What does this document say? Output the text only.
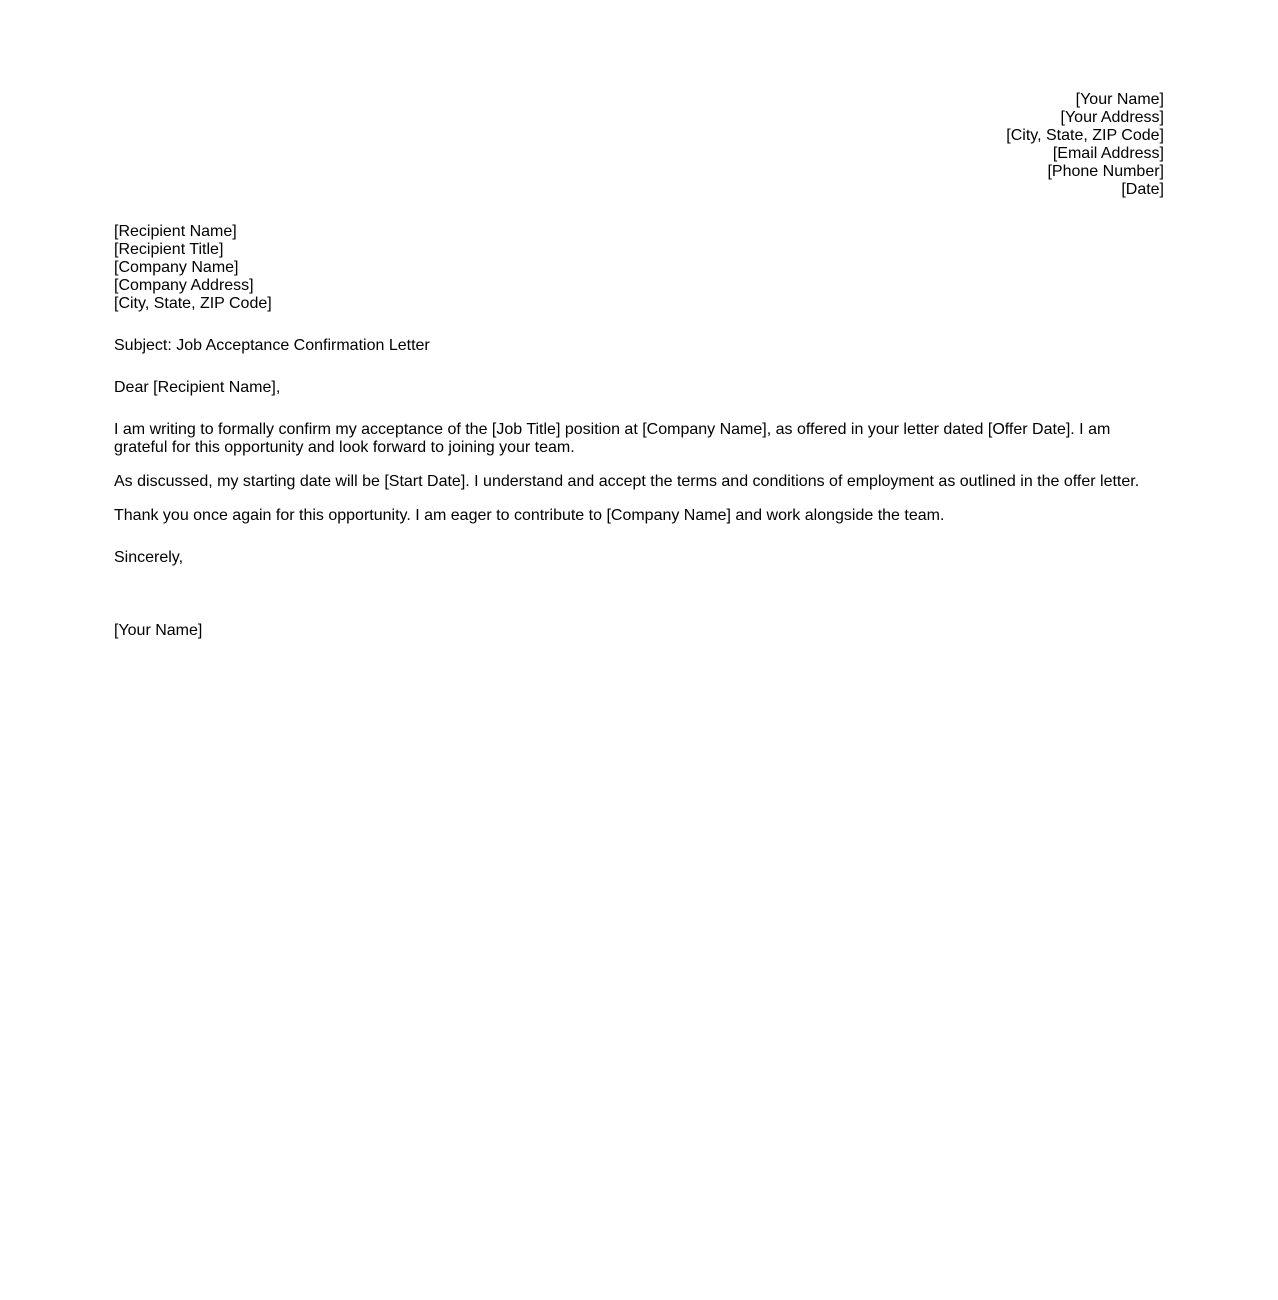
[Your Name]
[Your Address]
[City, State, ZIP Code]
[Email Address]
[Phone Number]
[Date]
[Recipient Name]
[Recipient Title]
[Company Name]
[Company Address]
[City, State, ZIP Code]
Subject: Job Acceptance Confirmation Letter
Dear [Recipient Name],
I am writing to formally confirm my acceptance of the [Job Title] position at [Company Name], as offered in your letter dated [Offer Date]. I am grateful for this opportunity and look forward to joining your team.
As discussed, my starting date will be [Start Date]. I understand and accept the terms and conditions of employment as outlined in the offer letter.
Thank you once again for this opportunity. I am eager to contribute to [Company Name] and work alongside the team.
Sincerely,
[Your Name]
